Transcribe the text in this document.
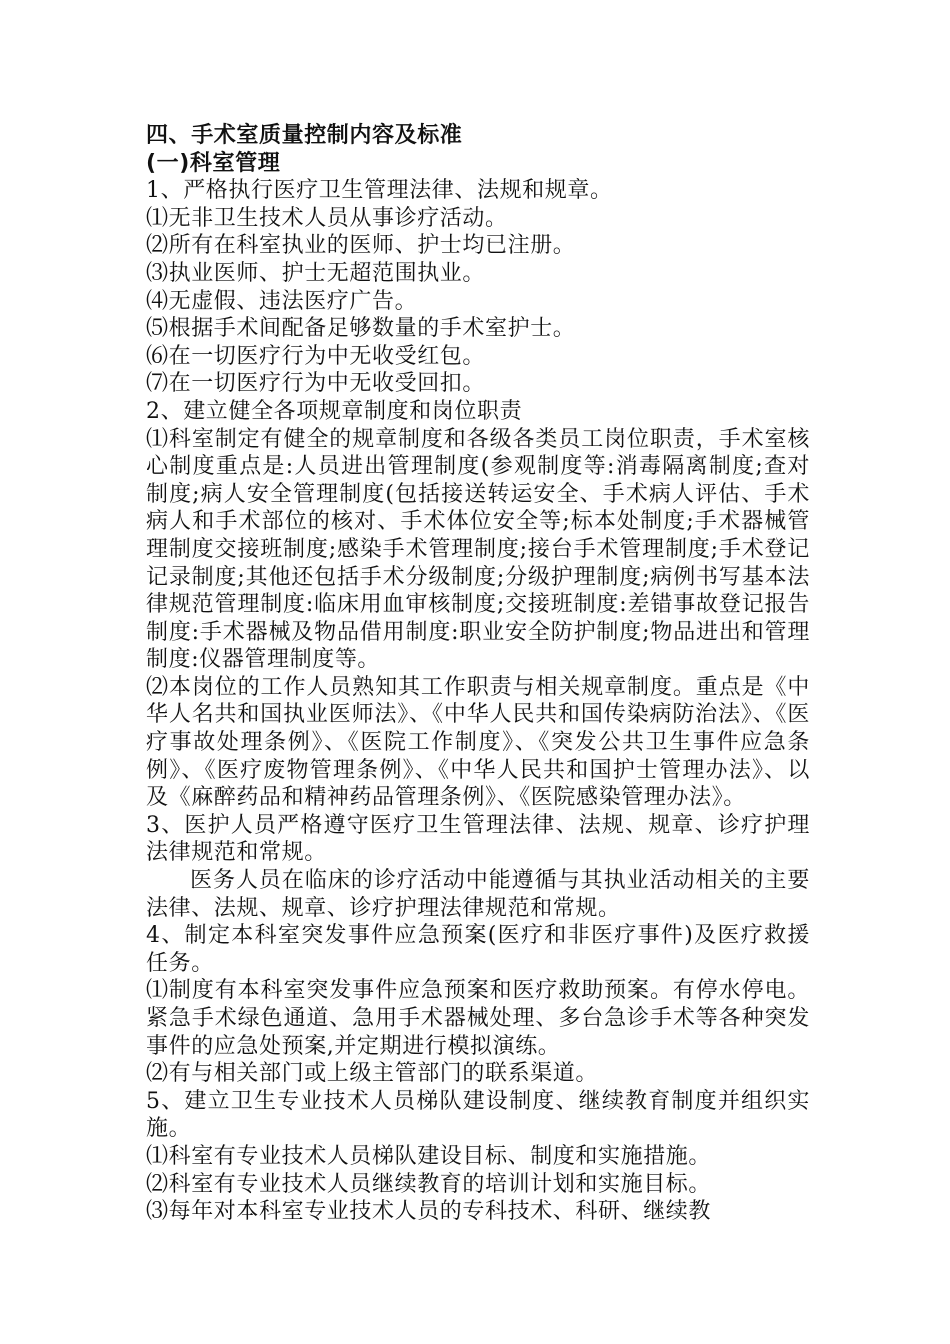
四、手术室质量控制内容及标准
(一)科室管理

1、严格执行医疗卫生管理法律、法规和规章。

⑴无非卫生技术人员从事诊疗活动。

⑵所有在科室执业的医师、护士均已注册。

⑶执业医师、护士无超范围执业。

⑷无虚假、违法医疗广告。

⑸根据手术间配备足够数量的手术室护士。

⑹在一切医疗行为中无收受红包。

⑺在一切医疗行为中无收受回扣。

2、建立健全各项规章制度和岗位职责

⑴科室制定有健全的规章制度和各级各类员工岗位职责，手术室核心制度重点是:人员进出管理制度(参观制度等:消毒隔离制度;查对制度;病人安全管理制度(包括接送转运安全、手术病人评估、手术病人和手术部位的核对、手术体位安全等;标本处制度;手术器械管理制度交接班制度;感染手术管理制度;接台手术管理制度;手术登记记录制度;其他还包括手术分级制度;分级护理制度;病例书写基本法律规范管理制度:临床用血审核制度;交接班制度:差错事故登记报告制度:手术器械及物品借用制度:职业安全防护制度;物品进出和管理制度:仪器管理制度等。

⑵本岗位的工作人员熟知其工作职责与相关规章制度。重点是《中华人名共和国执业医师法》、《中华人民共和国传染病防治法》、《医疗事故处理条例》、《医院工作制度》、《突发公共卫生事件应急条例》、《医疗废物管理条例》、《中华人民共和国护士管理办法》、以及《麻醉药品和精神药品管理条例》、《医院感染管理办法》。

3、医护人员严格遵守医疗卫生管理法律、法规、规章、诊疗护理法律规范和常规。

医务人员在临床的诊疗活动中能遵循与其执业活动相关的主要法律、法规、规章、诊疗护理法律规范和常规。

4、制定本科室突发事件应急预案(医疗和非医疗事件)及医疗救援任务。

⑴制度有本科室突发事件应急预案和医疗救助预案。有停水停电。紧急手术绿色通道、急用手术器械处理、多台急诊手术等各种突发事件的应急处预案,并定期进行模拟演练。

⑵有与相关部门或上级主管部门的联系渠道。

5、建立卫生专业技术人员梯队建设制度、继续教育制度并组织实施。

⑴科室有专业技术人员梯队建设目标、制度和实施措施。

⑵科室有专业技术人员继续教育的培训计划和实施目标。

⑶每年对本科室专业技术人员的专科技术、科研、继续教
